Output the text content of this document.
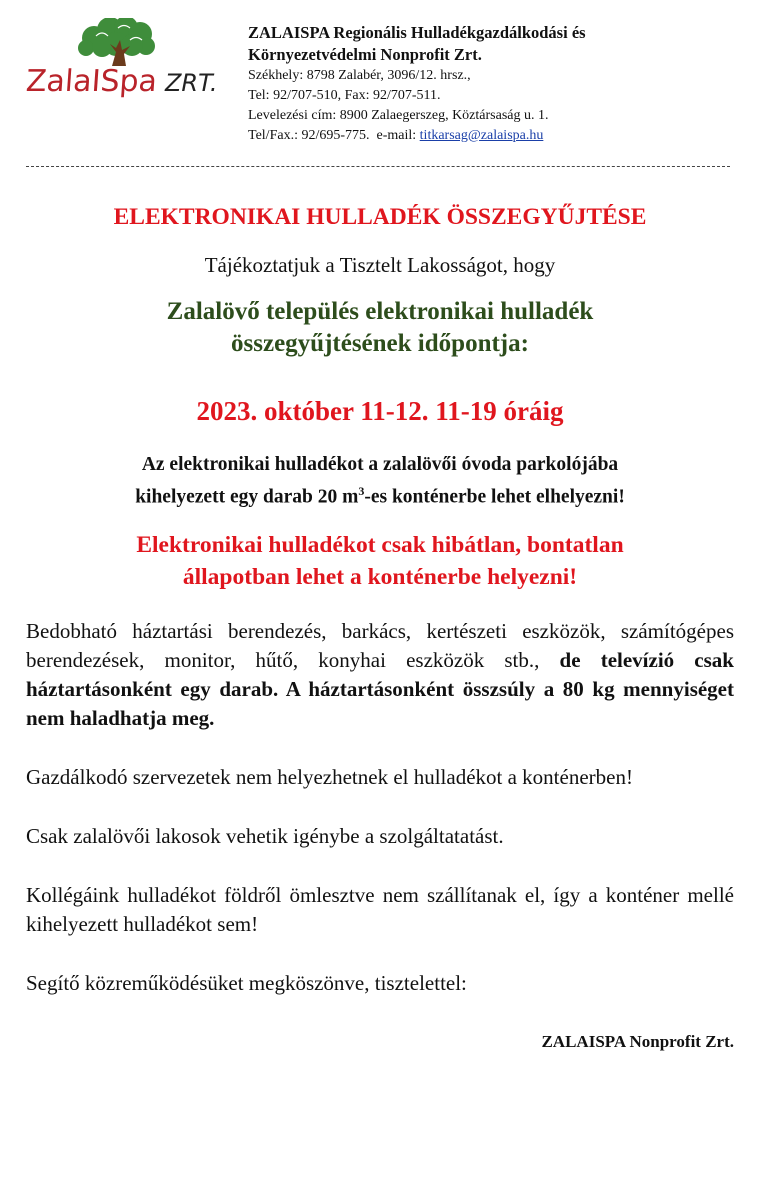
ZalaISpa ZRT.
ZALAISPA Regionális Hulladékgazdálkodási és
Környezetvédelmi Nonprofit Zrt.
Székhely: 8798 Zalabér, 3096/12. hrsz.,
Tel: 92/707-510, Fax: 92/707-511.
Levelezési cím: 8900 Zalaegerszeg, Köztársaság u. 1.
Tel/Fax.: 92/695-775. e-mail: titkarsag@zalaispa.hu
ELEKTRONIKAI HULLADÉK ÖSSZEGYŰJTÉSE
Tájékoztatjuk a Tisztelt Lakosságot, hogy
Zalalövő település elektronikai hulladék
összegyűjtésének időpontja:
2023. október 11-12. 11-19 óráig
Az elektronikai hulladékot a zalalövői óvoda parkolójába
kihelyezett egy darab 20 $m^3-es$ konténerbe lehet elhelyezni!
Elektronikai hulladékot csak hibátlan, bontatlan
állapotban lehet a konténerbe helyezni!

Bedobható háztartási berendezés, barkács, kertészeti eszközök, számítógépes berendezések, monitor, hűtő, konyhai eszközök stb., de televízió csak háztartásonként egy darab. A háztartásonként összsúly a 80 kg mennyiséget nem haladhatja meg.

Gazdálkodó szervezetek nem helyezhetnek el hulladékot a konténerben!

Csak zalalövői lakosok vehetik igénybe a szolgáltatatást.

Kollégáink hulladékot földről ömlesztve nem szállítanak el, így a konténer mellé kihelyezett hulladékot sem!

Segítő közreműködésüket megköszönve, tisztelettel:

ZALAISPA Nonprofit Zrt.
